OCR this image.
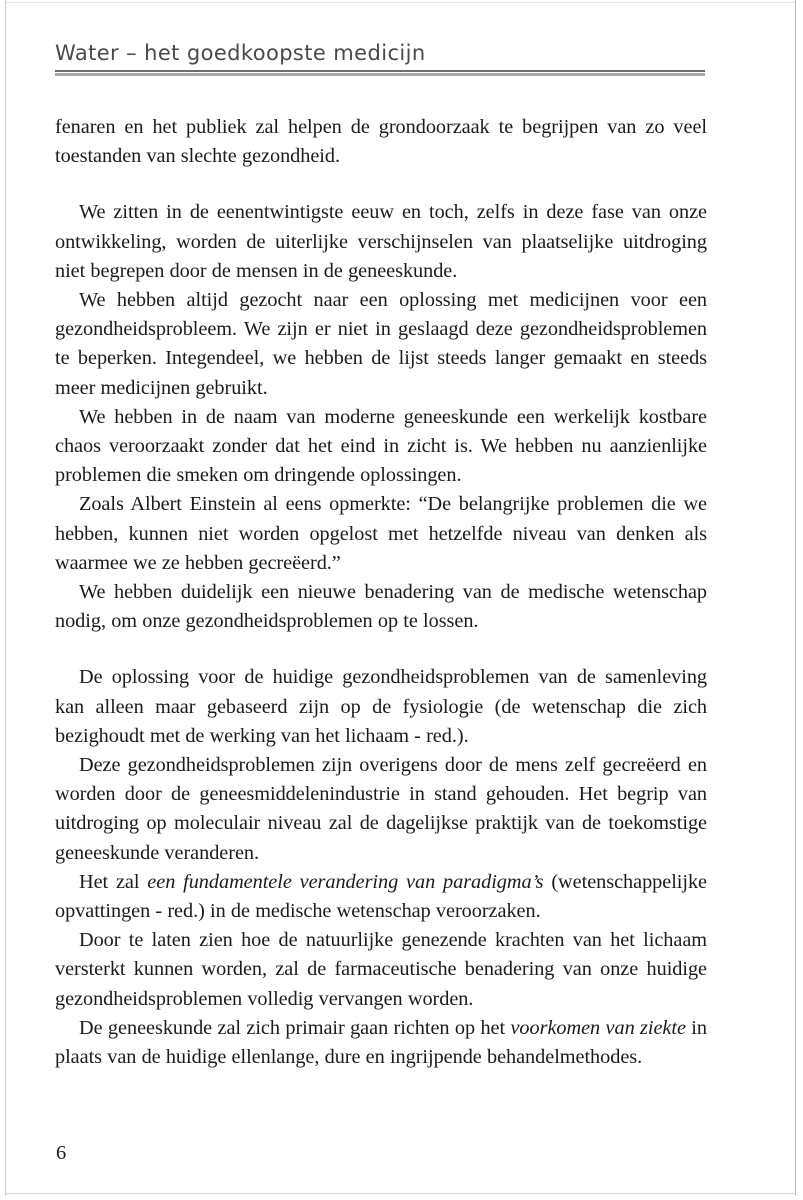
Water – het goedkoopste medicijn

fenaren en het publiek zal helpen de grondoorzaak te begrijpen van zo veel toestanden van slechte gezondheid.

We zitten in de eenentwintigste eeuw en toch, zelfs in deze fase van onze ontwikkeling, worden de uiterlijke verschijnselen van plaatselijke uitdroging niet begrepen door de mensen in de geneeskunde.

We hebben altijd gezocht naar een oplossing met medicijnen voor een gezondheidsprobleem. We zijn er niet in geslaagd deze gezondheidsproblemen te beperken. Integendeel, we hebben de lijst steeds langer gemaakt en steeds meer medicijnen gebruikt.

We hebben in de naam van moderne geneeskunde een werkelijk kostbare chaos veroorzaakt zonder dat het eind in zicht is. We hebben nu aanzienlijke problemen die smeken om dringende oplossingen.

Zoals Albert Einstein al eens opmerkte: “De belangrijke problemen die we hebben, kunnen niet worden opgelost met hetzelfde niveau van denken als waarmee we ze hebben gecreëerd.”

We hebben duidelijk een nieuwe benadering van de medische wetenschap nodig, om onze gezondheidsproblemen op te lossen.

De oplossing voor de huidige gezondheidsproblemen van de samenleving kan alleen maar gebaseerd zijn op de fysiologie (de wetenschap die zich bezighoudt met de werking van het lichaam - red.).

Deze gezondheidsproblemen zijn overigens door de mens zelf gecreëerd en worden door de geneesmiddelenindustrie in stand gehouden. Het begrip van uitdroging op moleculair niveau zal de dagelijkse praktijk van de toekomstige geneeskunde veranderen.

Het zal een fundamentele verandering van paradigma’s (wetenschappelijke opvattingen - red.) in de medische wetenschap veroorzaken.

Door te laten zien hoe de natuurlijke genezende krachten van het lichaam versterkt kunnen worden, zal de farmaceutische benadering van onze huidige gezondheidsproblemen volledig vervangen worden.

De geneeskunde zal zich primair gaan richten op het voorkomen van ziekte in plaats van de huidige ellenlange, dure en ingrijpende behandelmethodes.

6
